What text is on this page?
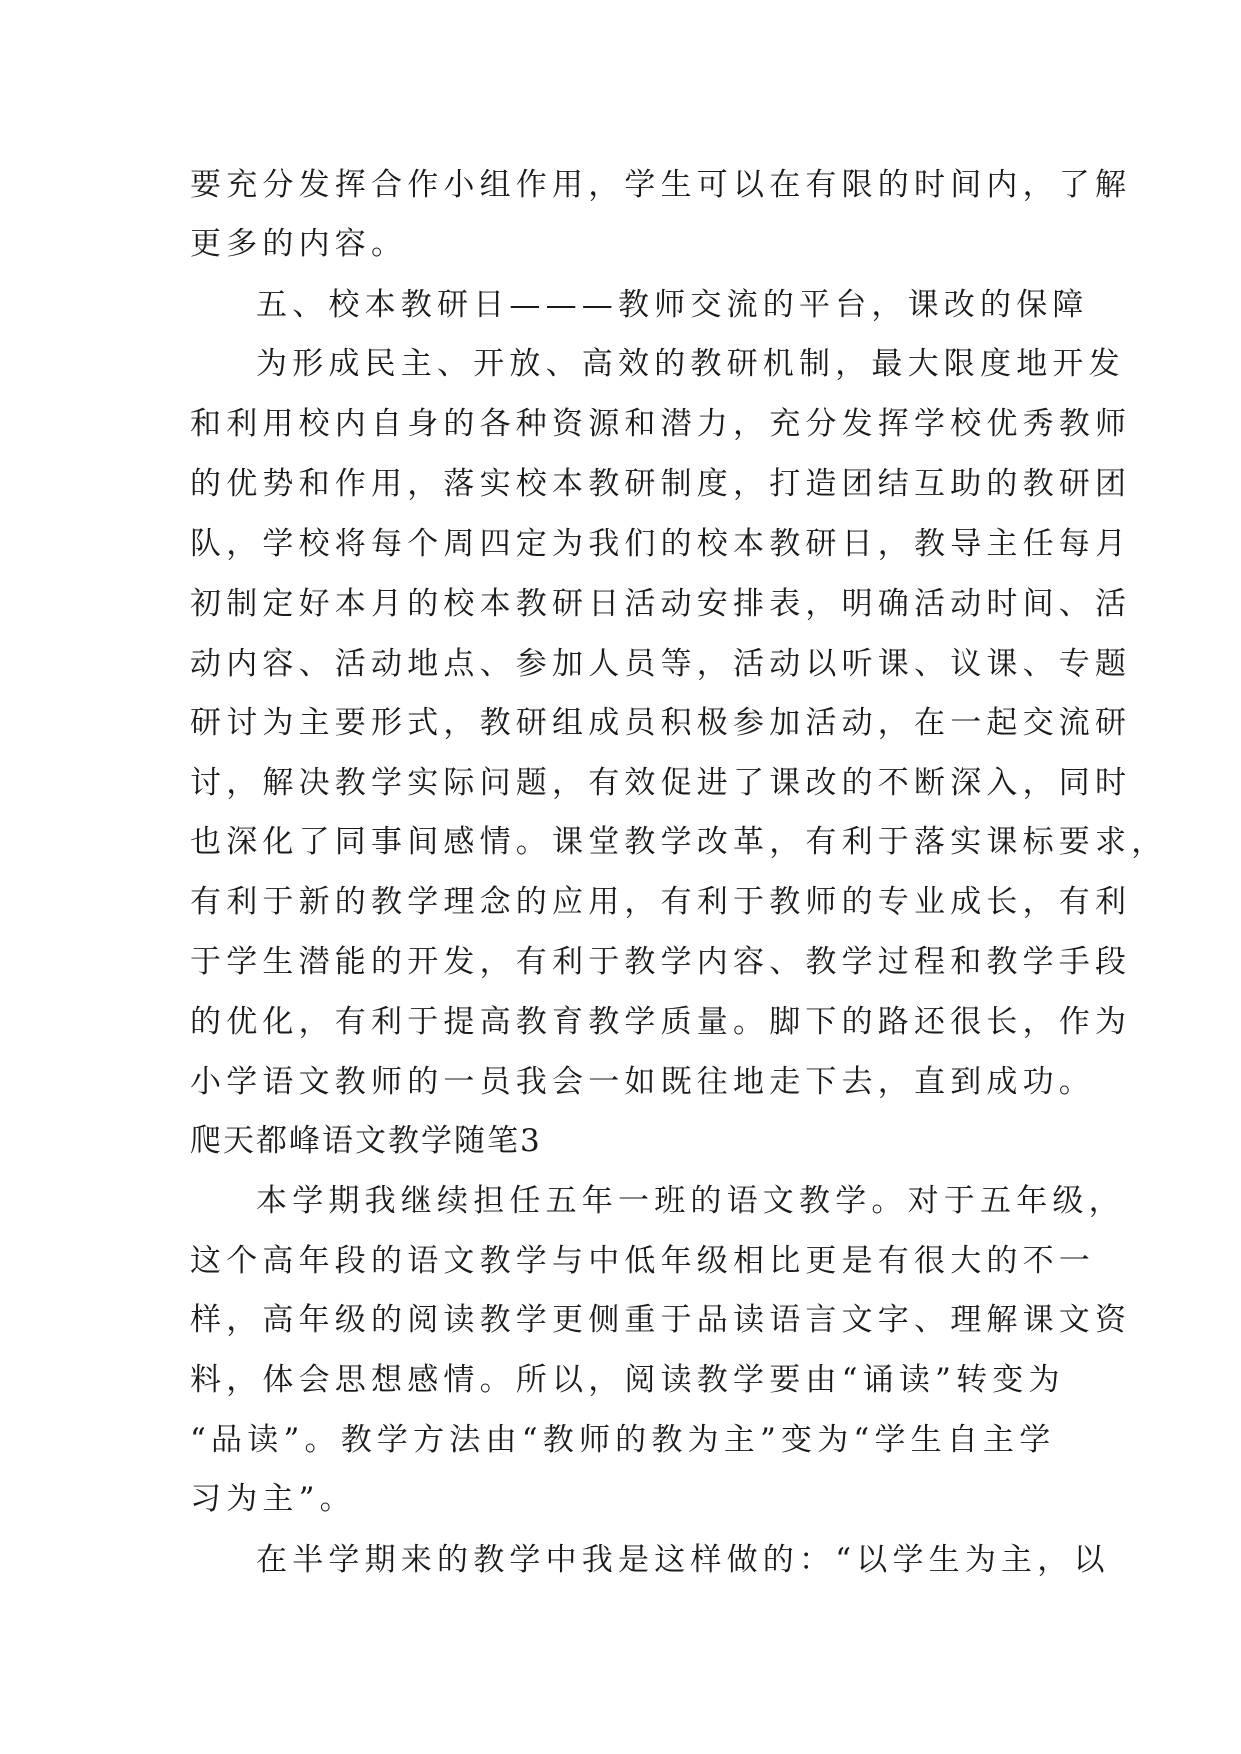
要充分发挥合作小组作用，学生可以在有限的时间内，了解
更多的内容。
五、校本教研日———教师交流的平台，课改的保障
为形成民主、开放、高效的教研机制，最大限度地开发
和利用校内自身的各种资源和潜力，充分发挥学校优秀教师
的优势和作用，落实校本教研制度，打造团结互助的教研团
队，学校将每个周四定为我们的校本教研日，教导主任每月
初制定好本月的校本教研日活动安排表，明确活动时间、活
动内容、活动地点、参加人员等，活动以听课、议课、专题
研讨为主要形式，教研组成员积极参加活动，在一起交流研
讨，解决教学实际问题，有效促进了课改的不断深入，同时
也深化了同事间感情。课堂教学改革，有利于落实课标要求，
有利于新的教学理念的应用，有利于教师的专业成长，有利
于学生潜能的开发，有利于教学内容、教学过程和教学手段
的优化，有利于提高教育教学质量。脚下的路还很长，作为
小学语文教师的一员我会一如既往地走下去，直到成功。
爬天都峰语文教学随笔3
本学期我继续担任五年一班的语文教学。对于五年级，
这个高年段的语文教学与中低年级相比更是有很大的不一
样，高年级的阅读教学更侧重于品读语言文字、理解课文资
料，体会思想感情。所以，阅读教学要由“诵读”转变为
“品读”。教学方法由“教师的教为主”变为“学生自主学
习为主”。
在半学期来的教学中我是这样做的：“以学生为主，以
